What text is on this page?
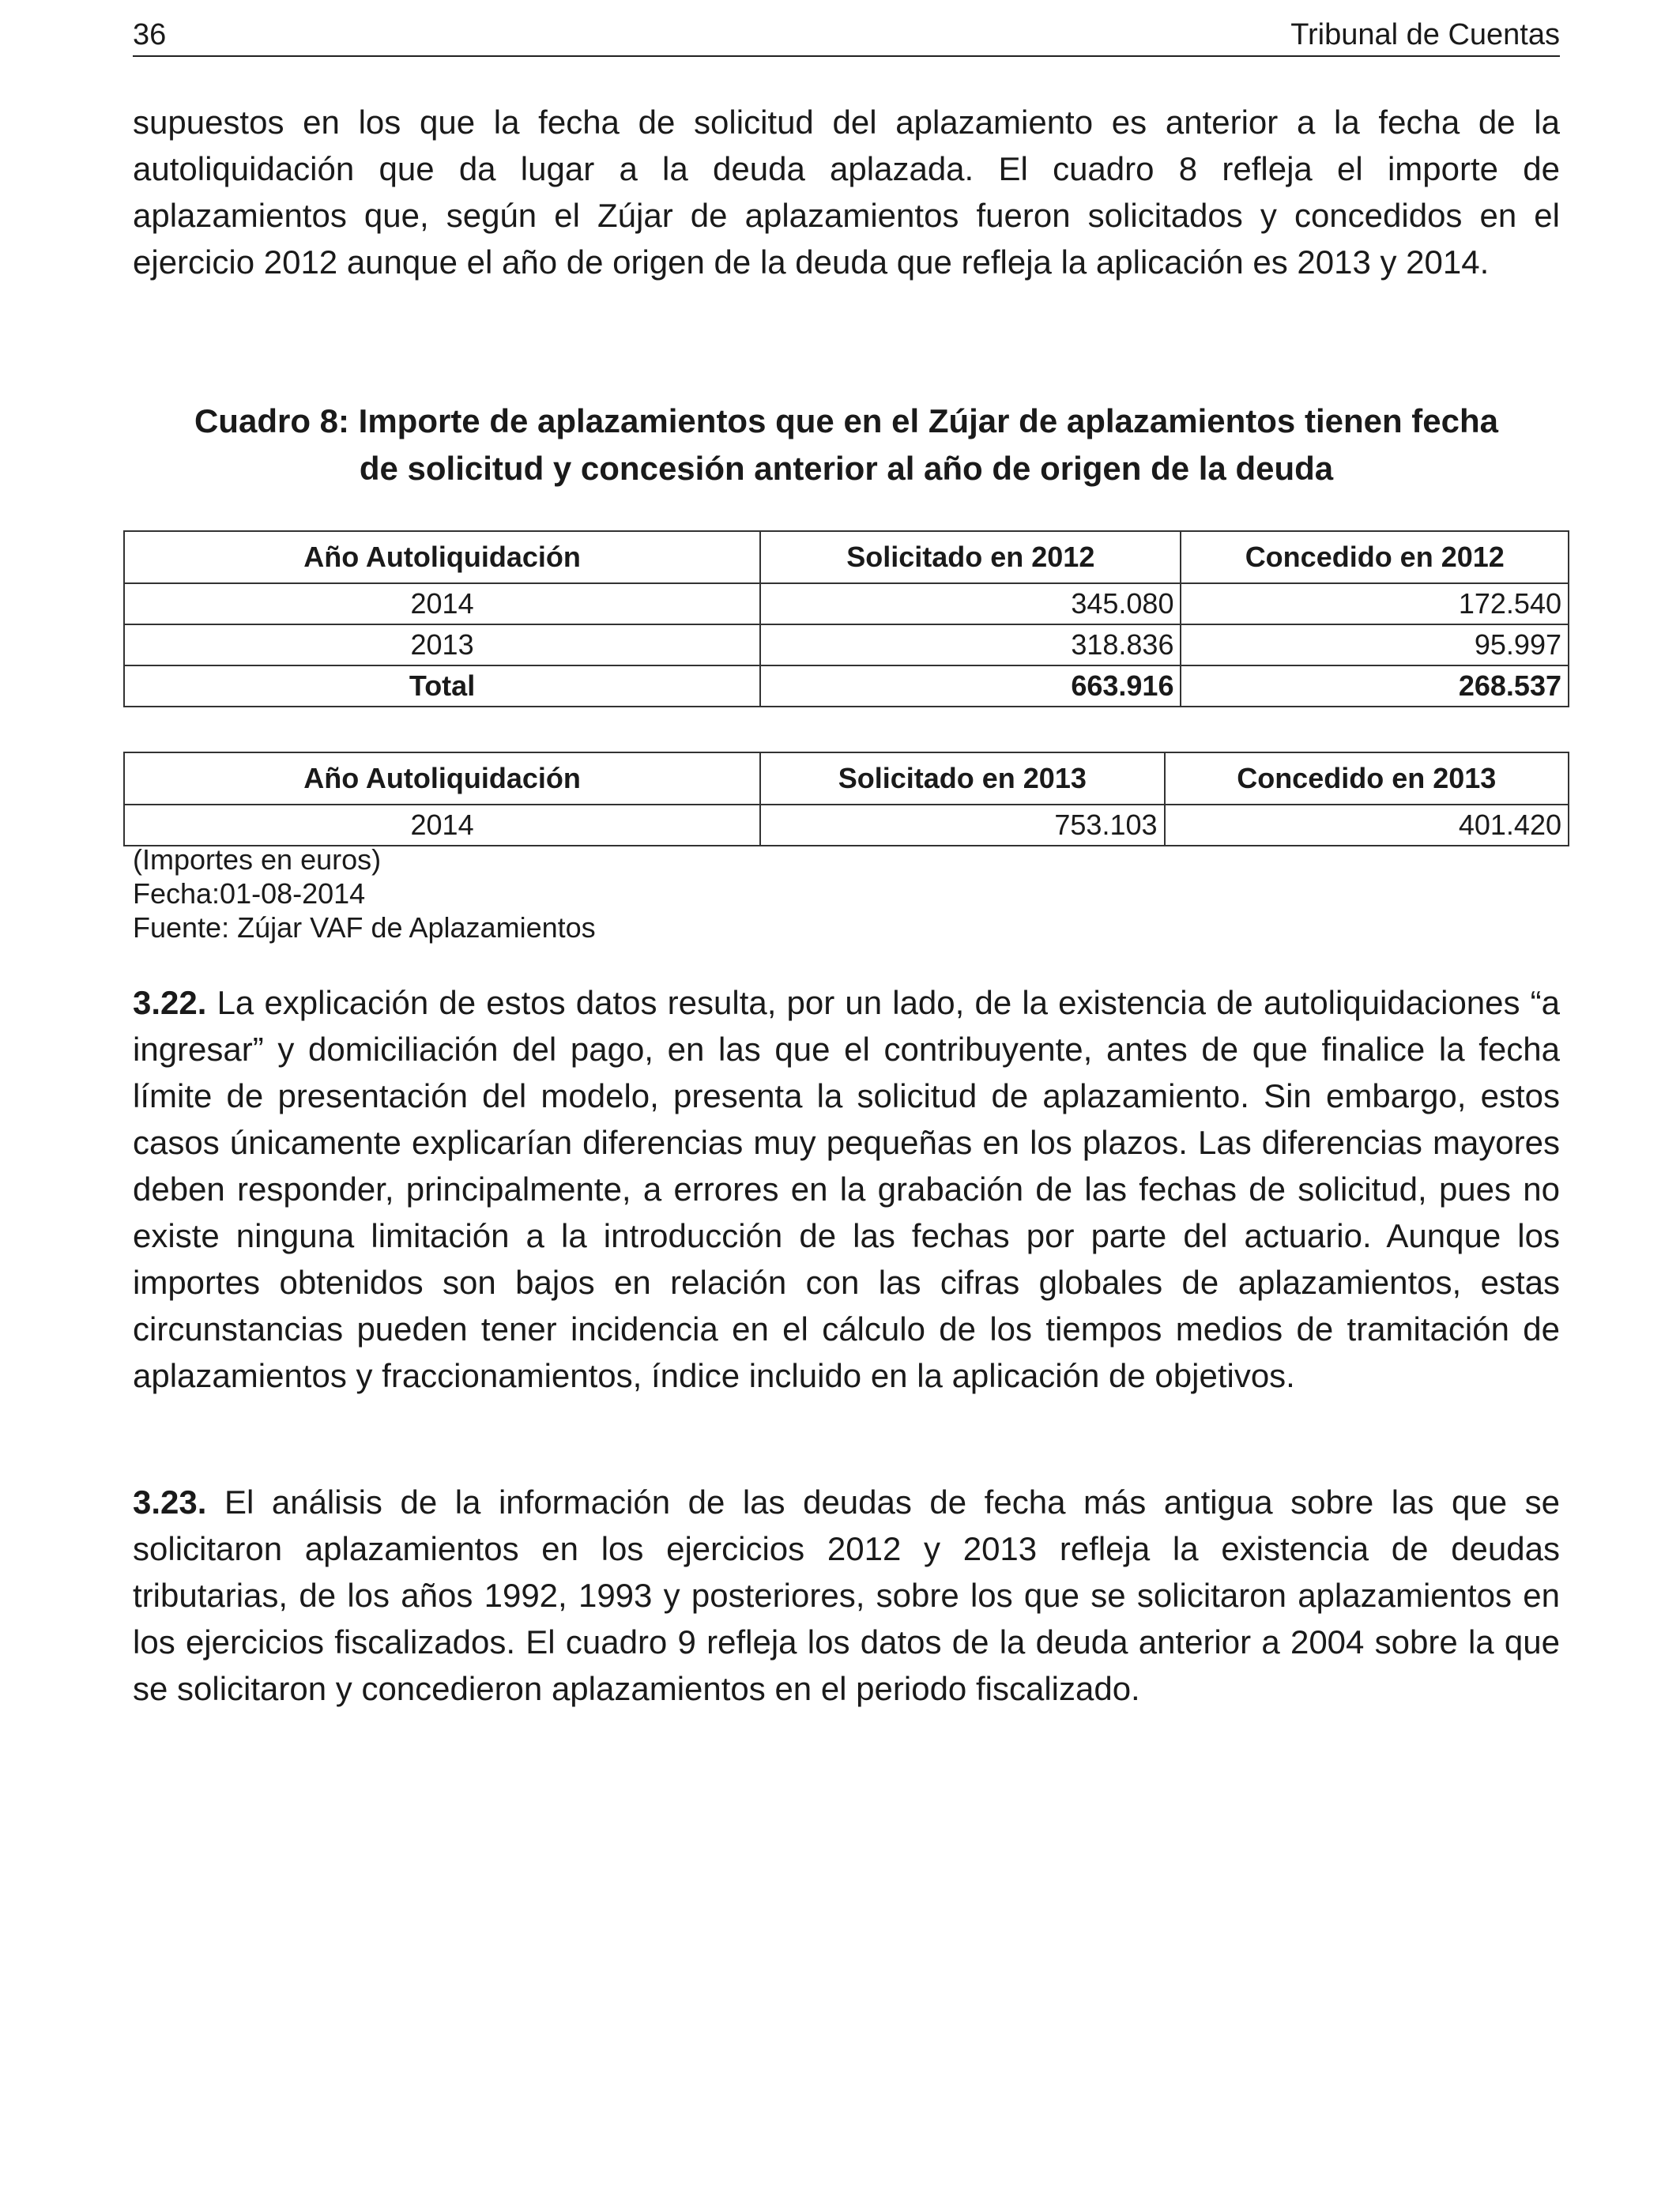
36	Tribunal de Cuentas

supuestos en los que la fecha de solicitud del aplazamiento es anterior a la fecha de la autoliquidación que da lugar a la deuda aplazada. El cuadro 8 refleja el importe de aplazamientos que, según el Zújar de aplazamientos fueron solicitados y concedidos en el ejercicio 2012 aunque el año de origen de la deuda que refleja la aplicación es 2013 y 2014.

Cuadro 8: Importe de aplazamientos que en el Zújar de aplazamientos tienen fecha
de solicitud y concesión anterior al año de origen de la deuda
Año Autoliquidación	Solicitado en 2012	Concedido en 2012
2014	345.080	172.540
2013	318.836	95.997
Total	663.916	268.537
Año Autoliquidación	Solicitado en 2013	Concedido en 2013
2014	753.103	401.420
(Importes en euros)
Fecha:01-08-2014
Fuente: Zújar VAF de Aplazamientos

3.22. La explicación de estos datos resulta, por un lado, de la existencia de autoliquidaciones “a ingresar” y domiciliación del pago, en las que el contribuyente, antes de que finalice la fecha límite de presentación del modelo, presenta la solicitud de aplazamiento. Sin embargo, estos casos únicamente explicarían diferencias muy pequeñas en los plazos. Las diferencias mayores deben responder, principalmente, a errores en la grabación de las fechas de solicitud, pues no existe ninguna limitación a la introducción de las fechas por parte del actuario. Aunque los importes obtenidos son bajos en relación con las cifras globales de aplazamientos, estas circunstancias pueden tener incidencia en el cálculo de los tiempos medios de tramitación de aplazamientos y fraccionamientos, índice incluido en la aplicación de objetivos.

3.23. El análisis de la información de las deudas de fecha más antigua sobre las que se solicitaron aplazamientos en los ejercicios 2012 y 2013 refleja la existencia de deudas tributarias, de los años 1992, 1993 y posteriores, sobre los que se solicitaron aplazamientos en los ejercicios fiscalizados. El cuadro 9 refleja los datos de la deuda anterior a 2004 sobre la que se solicitaron y concedieron aplazamientos en el periodo fiscalizado.
